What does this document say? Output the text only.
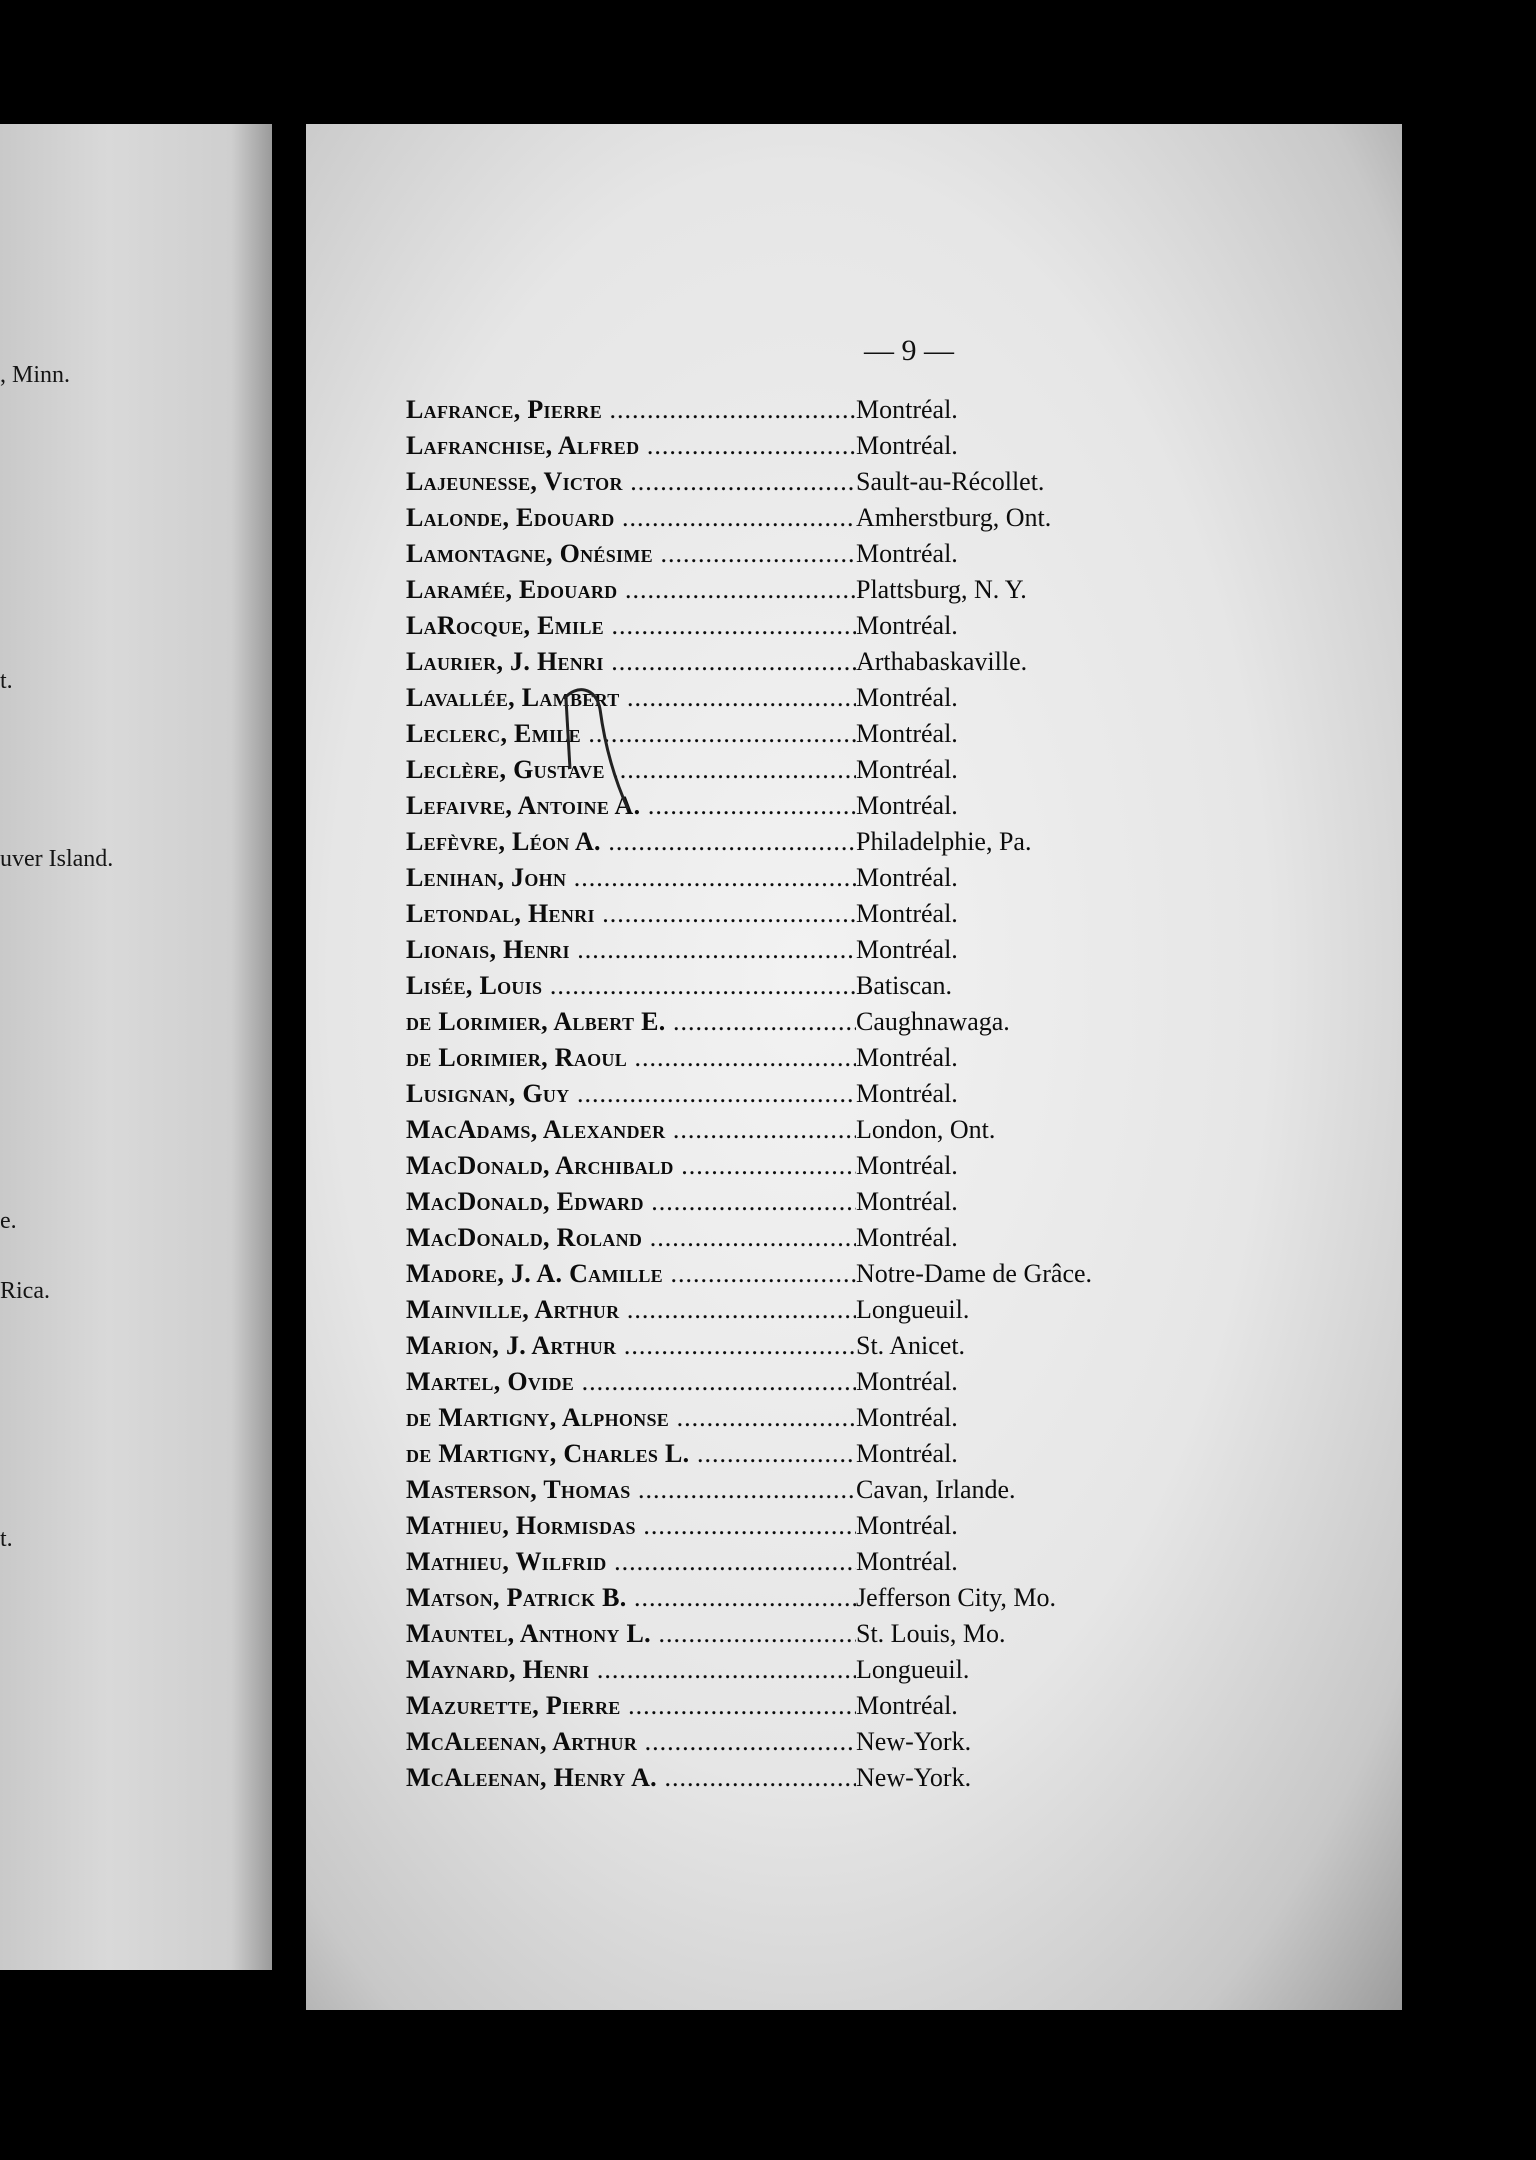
, Minn.
t.
uver Island.
e.
Rica.
t.
— 9 —
Lafrance, Pierre .....	Montréal.
Lafranchise, Alfred .....	Montréal.
Lajeunesse, Victor .....	Sault-au-Récollet.
Lalonde, Edouard .....	Amherstburg, Ont.
Lamontagne, Onésime .....	Montréal.
Laramée, Edouard .....	Plattsburg, N. Y.
LaRocque, Emile .....	Montréal.
Laurier, J. Henri .....	Arthabaskaville.
Lavallée, Lambert .....	Montréal.
Leclerc, Emile .....	Montréal.
Leclère, Gustave .....	Montréal.
Lefaivre, Antoine A. .....	Montréal.
Lefèvre, Léon A. .....	Philadelphie, Pa.
Lenihan, John .....	Montréal.
Letondal, Henri .....	Montréal.
Lionais, Henri .....	Montréal.
Lisée, Louis .....	Batiscan.
de Lorimier, Albert E. .....	Caughnawaga.
de Lorimier, Raoul .....	Montréal.
Lusignan, Guy .....	Montréal.
MacAdams, Alexander .....	London, Ont.
MacDonald, Archibald .....	Montréal.
MacDonald, Edward .....	Montréal.
MacDonald, Roland .....	Montréal.
Madore, J. A. Camille .....	Notre-Dame de Grâce.
Mainville, Arthur .....	Longueuil.
Marion, J. Arthur .....	St. Anicet.
Martel, Ovide .....	Montréal.
de Martigny, Alphonse .....	Montréal.
de Martigny, Charles L. .....	Montréal.
Masterson, Thomas .....	Cavan, Irlande.
Mathieu, Hormisdas .....	Montréal.
Mathieu, Wilfrid .....	Montréal.
Matson, Patrick B. .....	Jefferson City, Mo.
Mauntel, Anthony L. .....	St. Louis, Mo.
Maynard, Henri .....	Longueuil.
Mazurette, Pierre .....	Montréal.
McAleenan, Arthur .....	New-York.
McAleenan, Henry A. .....	New-York.
